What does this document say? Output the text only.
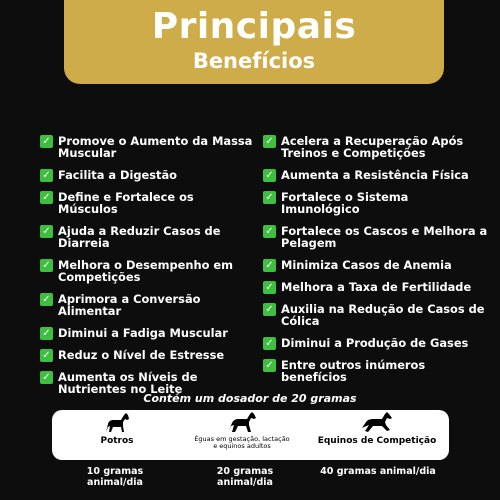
Principais
Benefícios
✓ Promove o Aumento da Massa Muscular
✓ Facilita a Digestão
✓ Define e Fortalece os Músculos
✓ Ajuda a Reduzir Casos de Diarreia
✓ Melhora o Desempenho em Competições
✓ Aprimora a Conversão Alimentar
✓ Diminui a Fadiga Muscular
✓ Reduz o Nível de Estresse
✓ Aumenta os Níveis de Nutrientes no Leite
✓ Acelera a Recuperação Após Treinos e Competições
✓ Aumenta a Resistência Física
✓ Fortalece o Sistema Imunológico
✓ Fortalece os Cascos e Melhora a Pelagem
✓ Minimiza Casos de Anemia
✓ Melhora a Taxa de Fertilidade
✓ Auxilia na Redução de Casos de Cólica
✓ Diminui a Produção de Gases
✓ Entre outros inúmeros benefícios
Contém um dosador de 20 gramas
Potros	Éguas em gestação, lactação e equinos adultos	Equinos de Competição
10 gramas animal/dia
20 gramas animal/dia
40 gramas animal/dia
